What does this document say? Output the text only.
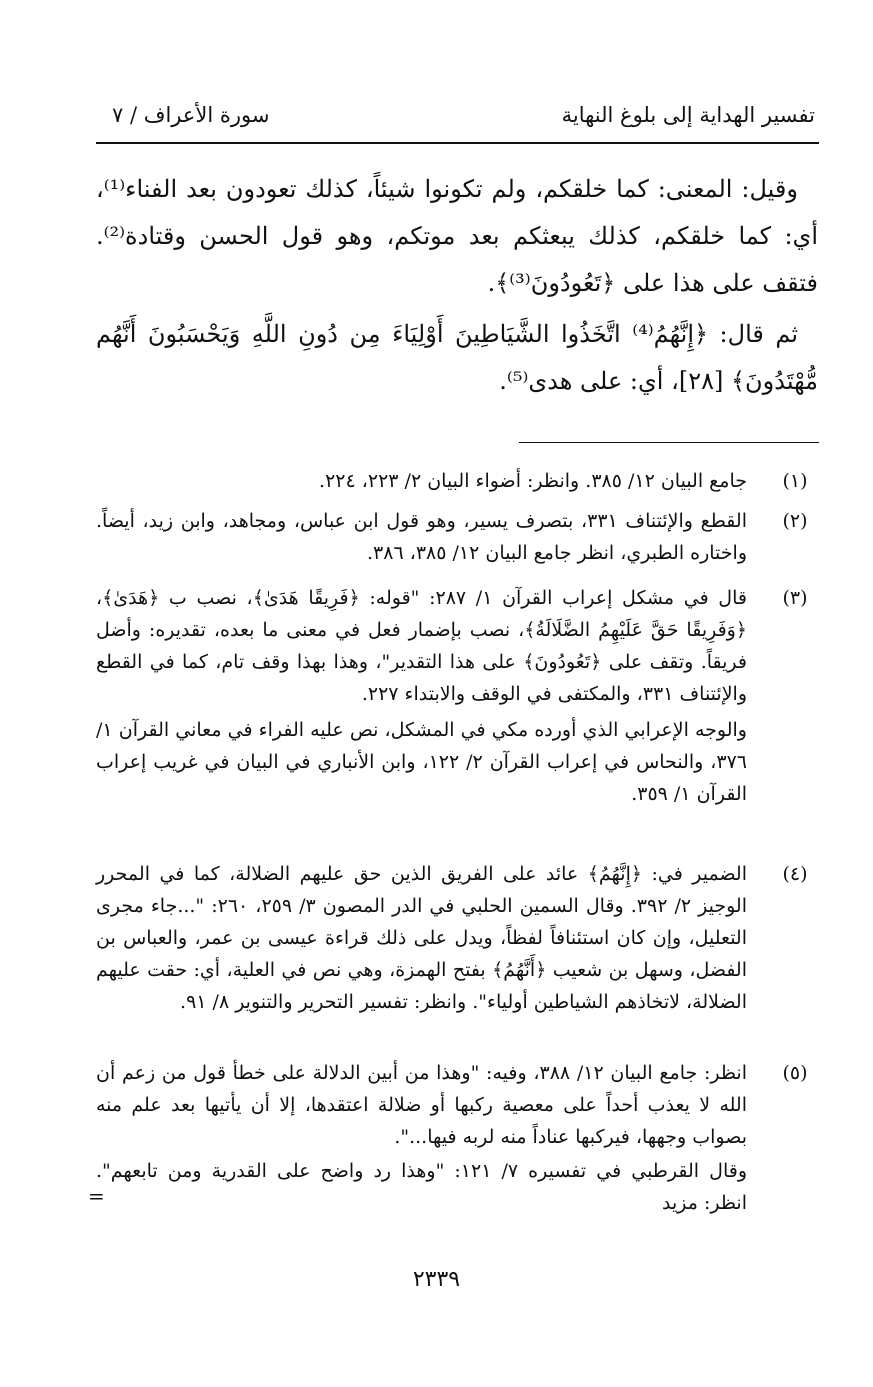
تفسير الهداية إلى بلوغ النهاية
سورة الأعراف / ٧

وقيل: المعنى: كما خلقكم، ولم تكونوا شيئاً، كذلك تعودون بعد الفناء⁽¹⁾، أي: كما خلقكم، كذلك يبعثكم بعد موتكم، وهو قول الحسن وقتادة⁽²⁾. فتقف على هذا على ﴿تَعُودُونَ⁽³⁾﴾.

ثم قال: ﴿إِنَّهُمُ⁽⁴⁾ اتَّخَذُوا الشَّيَاطِينَ أَوْلِيَاءَ مِن دُونِ اللَّهِ وَيَحْسَبُونَ أَنَّهُم مُّهْتَدُونَ﴾ [٢٨]، أي: على هدى⁽⁵⁾.

(١)
جامع البيان ١٢/ ٣٨٥. وانظر: أضواء البيان ٢/ ٢٢٣، ٢٢٤.
(٢)
القطع والإئتناف ٣٣١، بتصرف يسير، وهو قول ابن عباس، ومجاهد، وابن زيد، أيضاً. واختاره الطبري، انظر جامع البيان ١٢/ ٣٨٥، ٣٨٦.
(٣)
قال في مشكل إعراب القرآن ١/ ٢٨٧: "قوله: ﴿فَرِيقًا هَدَىٰ﴾، نصب ب ﴿هَدَىٰ﴾، ﴿وَفَرِيقًا حَقَّ عَلَيْهِمُ الضَّلَالَةُ﴾، نصب بإضمار فعل في معنى ما بعده، تقديره: وأضل فريقاً. وتقف على ﴿تَعُودُونَ﴾ على هذا التقدير"، وهذا بهذا وقف تام، كما في القطع والإئتناف ٣٣١، والمكتفى في الوقف والابتداء ٢٢٧.
والوجه الإعرابي الذي أورده مكي في المشكل، نص عليه الفراء في معاني القرآن ١/ ٣٧٦، والنحاس في إعراب القرآن ٢/ ١٢٢، وابن الأنباري في البيان في غريب إعراب القرآن ١/ ٣٥٩.
(٤)
الضمير في: ﴿إِنَّهُمُ﴾ عائد على الفريق الذين حق عليهم الضلالة، كما في المحرر الوجيز ٢/ ٣٩٢. وقال السمين الحلبي في الدر المصون ٣/ ٢٥٩، ٢٦٠: "...جاء مجرى التعليل، وإن كان استئنافاً لفظاً، ويدل على ذلك قراءة عيسى بن عمر، والعباس بن الفضل، وسهل بن شعيب ﴿أَنَّهُمُ﴾ بفتح الهمزة، وهي نص في العلية، أي: حقت عليهم الضلالة، لاتخاذهم الشياطين أولياء". وانظر: تفسير التحرير والتنوير ٨/ ٩١.
(٥)
انظر: جامع البيان ١٢/ ٣٨٨، وفيه: "وهذا من أبين الدلالة على خطأ قول من زعم أن الله لا يعذب أحداً على معصية ركبها أو ضلالة اعتقدها، إلا أن يأتيها بعد علم منه بصواب وجهها، فيركبها عناداً منه لربه فيها...".
وقال القرطبي في تفسيره ٧/ ١٢١: "وهذا رد واضح على القدرية ومن تابعهم". انظر: مزيد
=
٢٣٣٩
